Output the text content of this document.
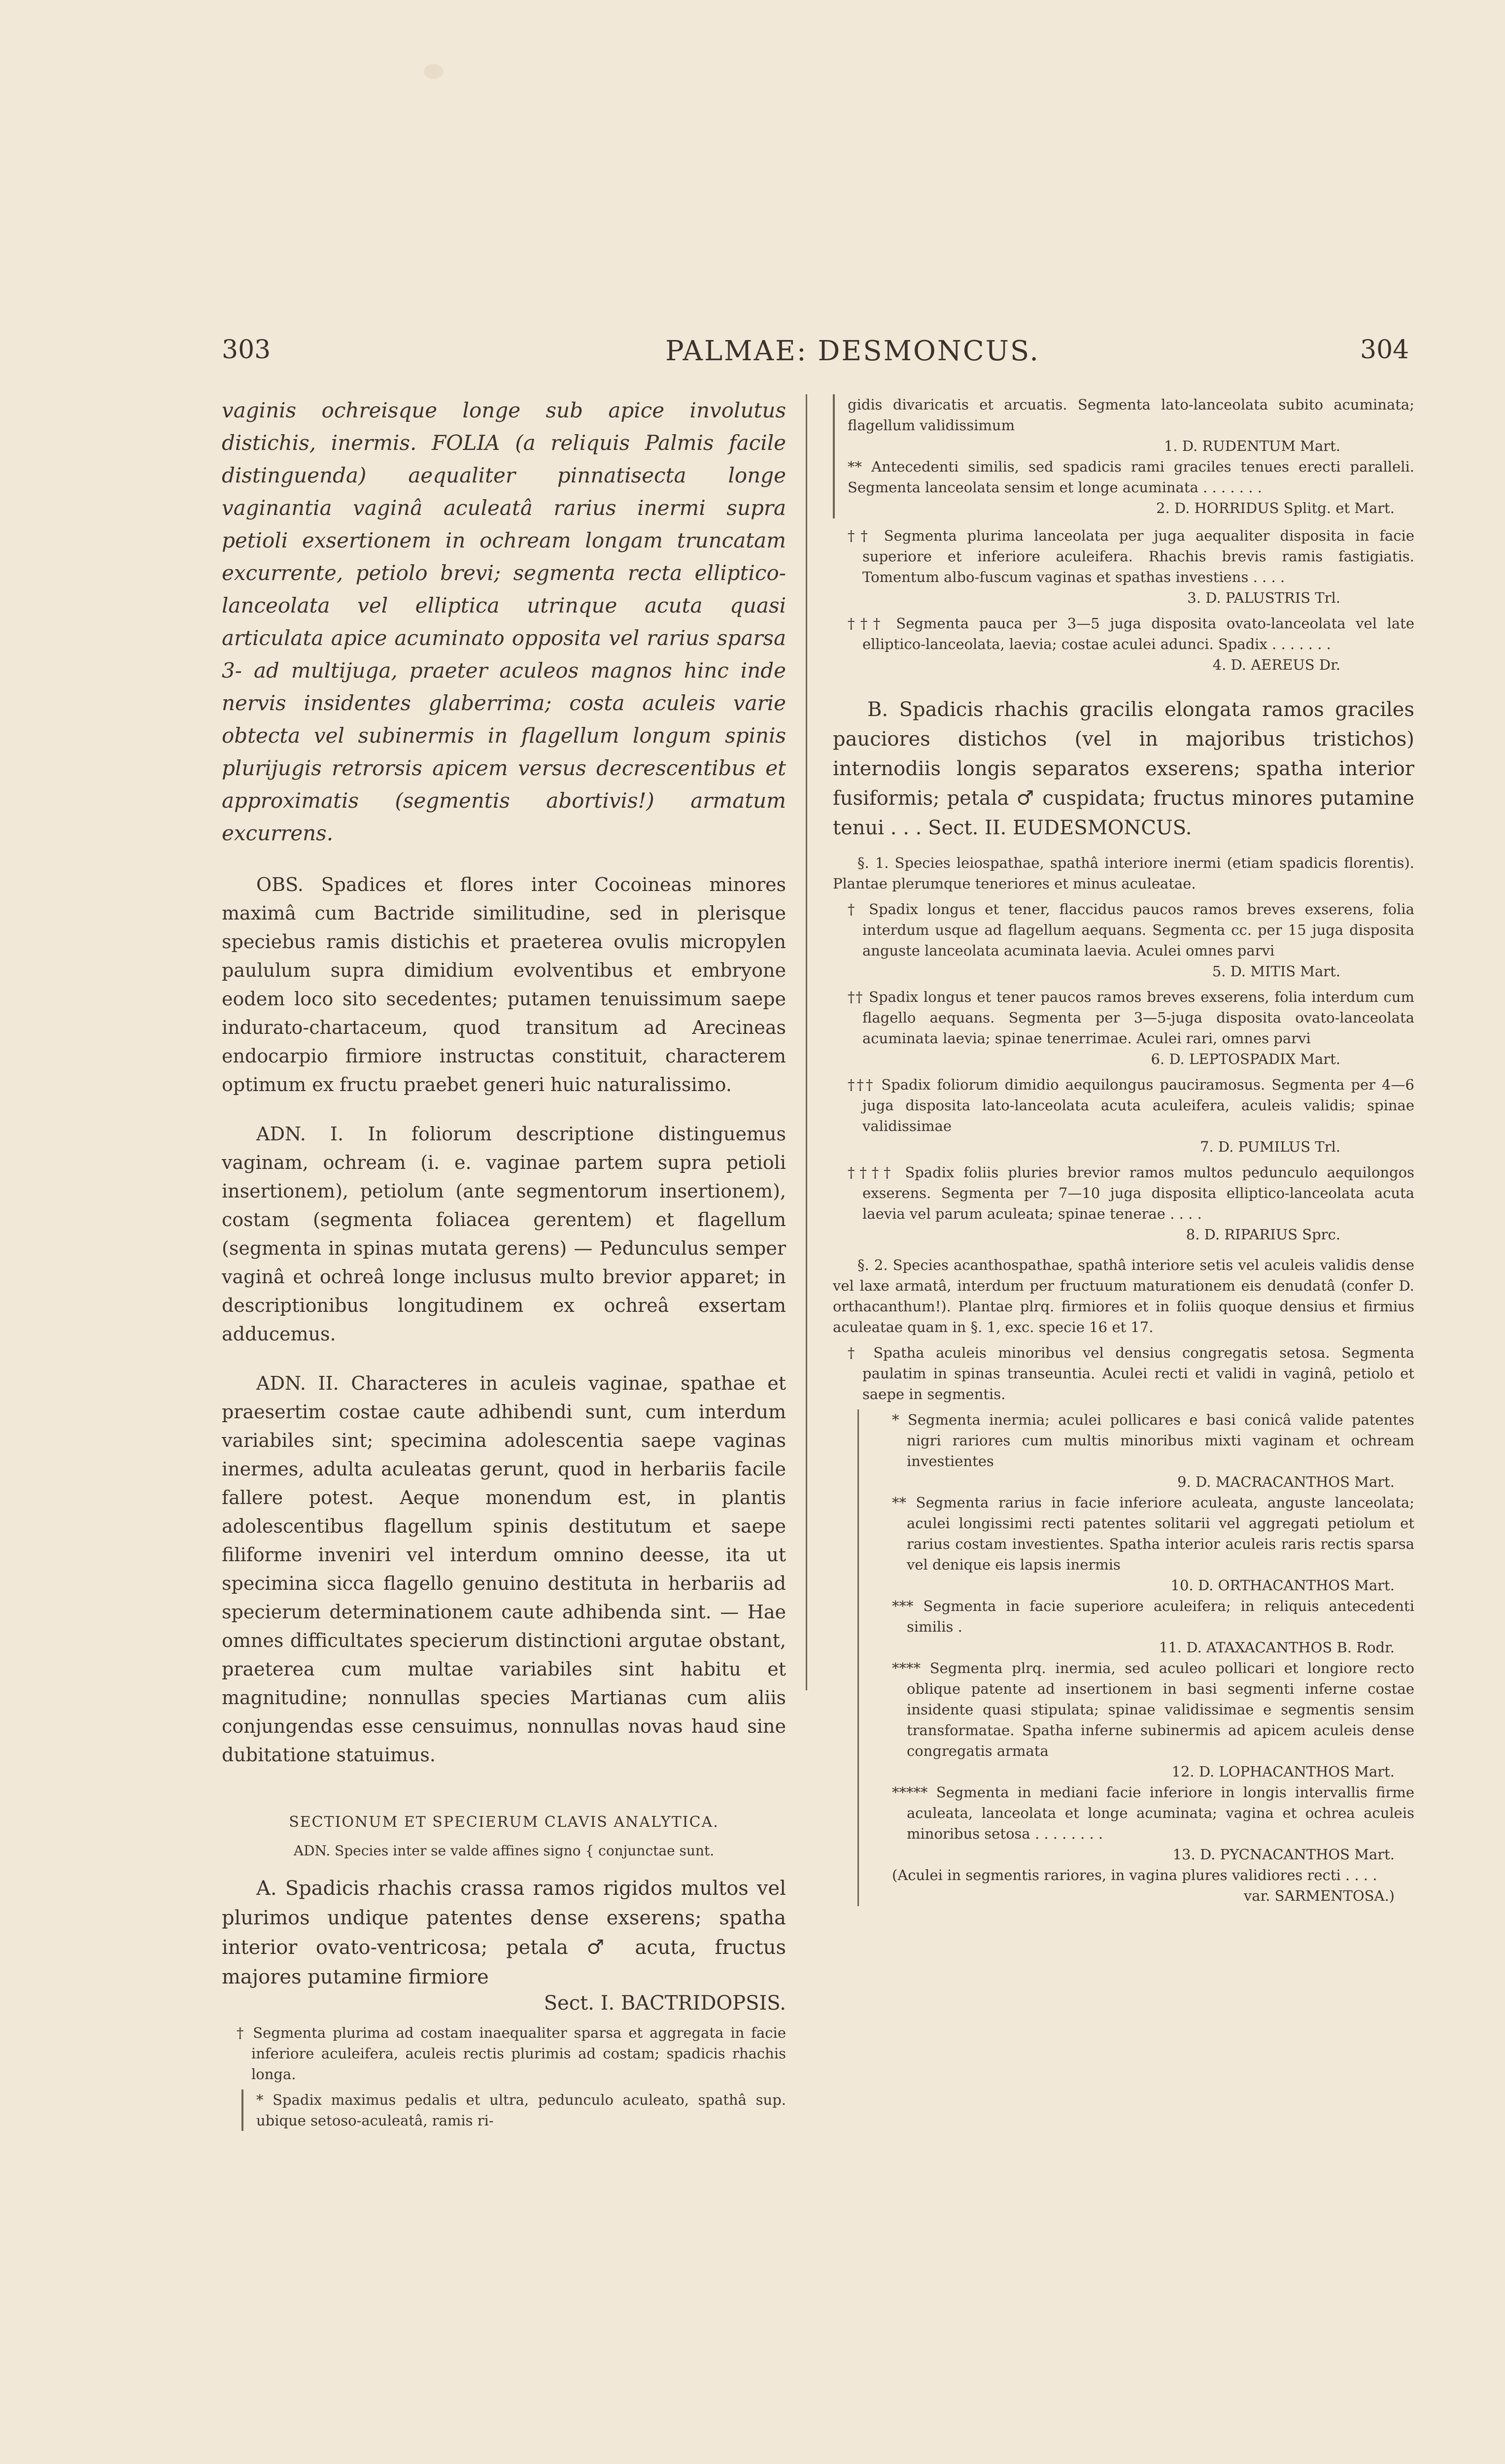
303	PALMAE: DESMONCUS.	304

vaginis ochreisque longe sub apice involutus distichis, inermis. FOLIA (a reliquis Palmis facile distinguenda) aequaliter pinnatisecta longe vaginantia vaginâ aculeatâ rarius inermi supra petioli exsertionem in ochream longam truncatam excurrente, petiolo brevi; segmenta recta elliptico-lanceolata vel elliptica utrinque acuta quasi articulata apice acuminato opposita vel rarius sparsa 3- ad multijuga, praeter aculeos magnos hinc inde nervis insidentes glaberrima; costa aculeis varie obtecta vel subinermis in flagellum longum spinis plurijugis retrorsis apicem versus decrescentibus et approximatis (segmentis abortivis!) armatum excurrens.

OBS. Spadices et flores inter Cocoineas minores maximâ cum Bactride similitudine, sed in plerisque speciebus ramis distichis et praeterea ovulis micropylen paululum supra dimidium evolventibus et embryone eodem loco sito secedentes; putamen tenuissimum saepe indurato-chartaceum, quod transitum ad Arecineas endocarpio firmiore instructas constituit, characterem optimum ex fructu praebet generi huic naturalissimo.

ADN. I. In foliorum descriptione distinguemus vaginam, ochream (i. e. vaginae partem supra petioli insertionem), petiolum (ante segmentorum insertionem), costam (segmenta foliacea gerentem) et flagellum (segmenta in spinas mutata gerens) — Pedunculus semper vaginâ et ochreâ longe inclusus multo brevior apparet; in descriptionibus longitudinem ex ochreâ exsertam adducemus.

ADN. II. Characteres in aculeis vaginae, spathae et praesertim costae caute adhibendi sunt, cum interdum variabiles sint; specimina adolescentia saepe vaginas inermes, adulta aculeatas gerunt, quod in herbariis facile fallere potest. Aeque monendum est, in plantis adolescentibus flagellum spinis destitutum et saepe filiforme inveniri vel interdum omnino deesse, ita ut specimina sicca flagello genuino destituta in herbariis ad specierum determinationem caute adhibenda sint. — Hae omnes difficultates specierum distinctioni argutae obstant, praeterea cum multae variabiles sint habitu et magnitudine; nonnullas species Martianas cum aliis conjungendas esse censuimus, nonnullas novas haud sine dubitatione statuimus.

SECTIONUM ET SPECIERUM CLAVIS ANALYTICA.

ADN. Species inter se valde affines signo { conjunctae sunt.

A. Spadicis rhachis crassa ramos rigidos multos vel plurimos undique patentes dense exserens; spatha interior ovato-ventricosa; petala ♂ acuta, fructus majores putamine firmiore

Sect. I. BACTRIDOPSIS.

† Segmenta plurima ad costam inaequaliter sparsa et aggregata in facie inferiore aculeifera, aculeis rectis plurimis ad costam; spadicis rhachis longa.

* Spadix maximus pedalis et ultra, pedunculo aculeato, spathâ sup. ubique setoso-aculeatâ, ramis ri-

gidis divaricatis et arcuatis. Segmenta lato-lanceolata subito acuminata; flagellum validissimum

1. D. RUDENTUM Mart.

** Antecedenti similis, sed spadicis rami graciles tenues erecti paralleli. Segmenta lanceolata sensim et longe acuminata . . . . . . .

2. D. HORRIDUS Splitg. et Mart.

†† Segmenta plurima lanceolata per juga aequaliter disposita in facie superiore et inferiore aculeifera. Rhachis brevis ramis fastigiatis. Tomentum albo-fuscum vaginas et spathas investiens . . . .

3. D. PALUSTRIS Trl.

††† Segmenta pauca per 3—5 juga disposita ovato-lanceolata vel late elliptico-lanceolata, laevia; costae aculei adunci. Spadix . . . . . . .

4. D. AEREUS Dr.

B. Spadicis rhachis gracilis elongata ramos graciles pauciores distichos (vel in majoribus tristichos) internodiis longis separatos exserens; spatha interior fusiformis; petala ♂ cuspidata; fructus minores putamine tenui . . . Sect. II. EUDESMONCUS.

§. 1. Species leiospathae, spathâ interiore inermi (etiam spadicis florentis). Plantae plerumque teneriores et minus aculeatae.

† Spadix longus et tener, flaccidus paucos ramos breves exserens, folia interdum usque ad flagellum aequans. Segmenta cc. per 15 juga disposita anguste lanceolata acuminata laevia. Aculei omnes parvi

5. D. MITIS Mart.

†† Spadix longus et tener paucos ramos breves exserens, folia interdum cum flagello aequans. Segmenta per 3—5-juga disposita ovato-lanceolata acuminata laevia; spinae tenerrimae. Aculei rari, omnes parvi

6. D. LEPTOSPADIX Mart.

††† Spadix foliorum dimidio aequilongus pauciramosus. Segmenta per 4—6 juga disposita lato-lanceolata acuta aculeifera, aculeis validis; spinae validissimae

7. D. PUMILUS Trl.

†††† Spadix foliis pluries brevior ramos multos pedunculo aequilongos exserens. Segmenta per 7—10 juga disposita elliptico-lanceolata acuta laevia vel parum aculeata; spinae tenerae . . . .

8. D. RIPARIUS Sprc.

§. 2. Species acanthospathae, spathâ interiore setis vel aculeis validis dense vel laxe armatâ, interdum per fructuum maturationem eis denudatâ (confer D. orthacanthum!). Plantae plrq. firmiores et in foliis quoque densius et firmius aculeatae quam in §. 1, exc. specie 16 et 17.

† Spatha aculeis minoribus vel densius congregatis setosa. Segmenta paulatim in spinas transeuntia. Aculei recti et validi in vaginâ, petiolo et saepe in segmentis.

* Segmenta inermia; aculei pollicares e basi conicâ valide patentes nigri rariores cum multis minoribus mixti vaginam et ochream investientes

9. D. MACRACANTHOS Mart.

** Segmenta rarius in facie inferiore aculeata, anguste lanceolata; aculei longissimi recti patentes solitarii vel aggregati petiolum et rarius costam investientes. Spatha interior aculeis raris rectis sparsa vel denique eis lapsis inermis

10. D. ORTHACANTHOS Mart.

*** Segmenta in facie superiore aculeifera; in reliquis antecedenti similis .

11. D. ATAXACANTHOS B. Rodr.

**** Segmenta plrq. inermia, sed aculeo pollicari et longiore recto oblique patente ad insertionem in basi segmenti inferne costae insidente quasi stipulata; spinae validissimae e segmentis sensim transformatae. Spatha inferne subinermis ad apicem aculeis dense congregatis armata

12. D. LOPHACANTHOS Mart.

***** Segmenta in mediani facie inferiore in longis intervallis firme aculeata, lanceolata et longe acuminata; vagina et ochrea aculeis minoribus setosa . . . . . . . .

13. D. PYCNACANTHOS Mart.

(Aculei in segmentis rariores, in vagina plures validiores recti . . . .

var. SARMENTOSA.)
